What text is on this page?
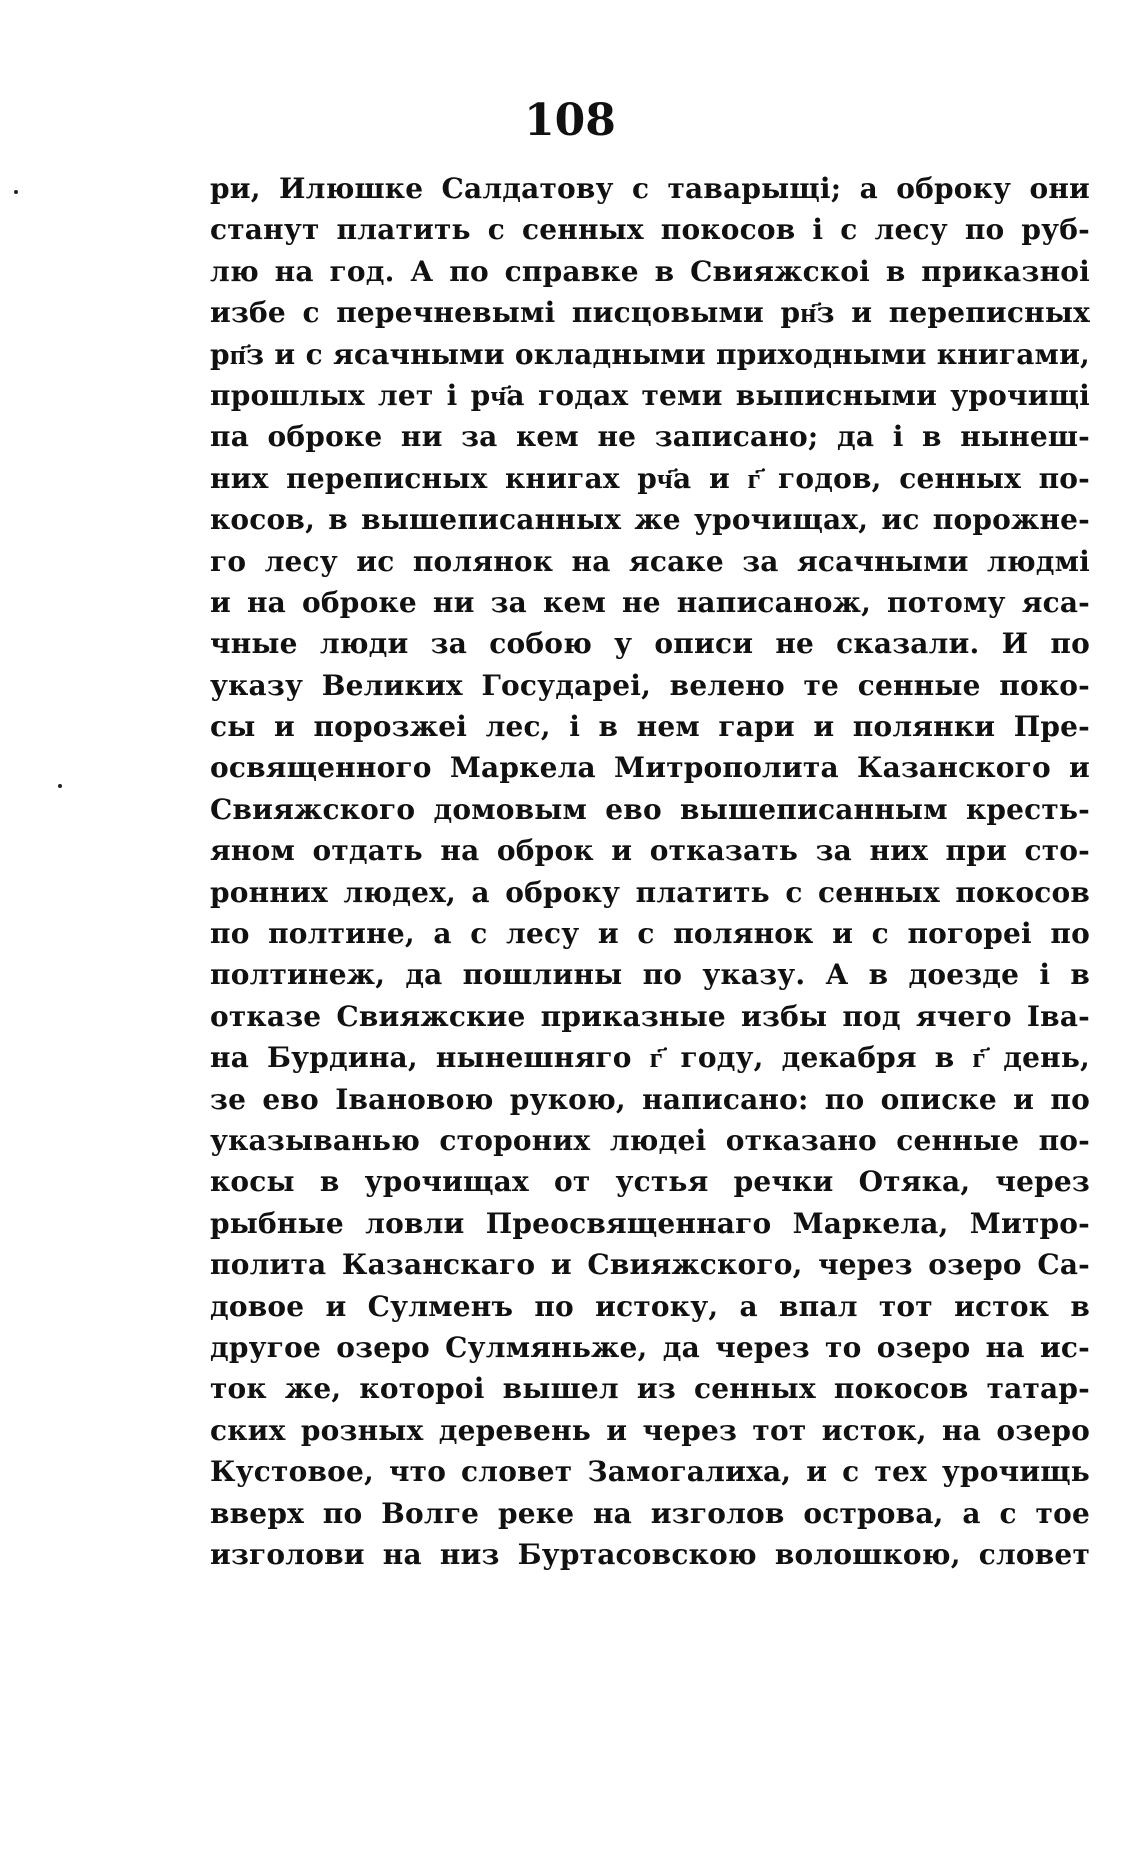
108
ри, Илюшке Салдатову с таварыщі; а оброку они
станут платить с сенных покосов і с лесу по руб-
лю на год. А по справке в Свияжскоі в приказноі
избе с перечневымі писцовыми рн҃з и переписных
рп҃з и с ясачными окладными приходными книгами,
прошлых лет і рч҃а годах теми выписными урочищі
па оброке ни за кем не записано; да і в нынеш-
них переписных книгах рч҃а и г҃ годов, сенных по-
косов, в вышеписанных же урочищах, ис порожне-
го лесу ис полянок на ясаке за ясачными людмі
и на оброке ни за кем не написанож, потому яса-
чные люди за собою у описи не сказали. И по
указу Великих Государеі, велено те сенные поко-
сы и порозжеі лес, і в нем гари и полянки Пре-
освященного Маркела Митрополита Казанского и
Свияжского домовым ево вышеписанным кресть-
яном отдать на оброк и отказать за них при сто-
ронних людех, а оброку платить с сенных покосов
по полтине, а с лесу и с полянок и с погореі по
полтинеж, да пошлины по указу. А в доезде і в
отказе Свияжские приказные избы под ячего Іва-
на Бурдина, нынешняго г҃ году, декабря в г҃ день,
зе ево Івановою рукою, написано: по описке и по
указыванью стороних людеі отказано сенные по-
косы в урочищах от устья речки Отяка, через
рыбные ловли Преосвященнаго Маркела, Митро-
полита Казанскаго и Свияжского, через озеро Са-
довое и Сулменъ по истоку, а впал тот исток в
другое озеро Сулмяньже, да через то озеро на ис-
ток же, котороі вышел из сенных покосов татар-
ских розных деревень и через тот исток, на озеро
Кустовое, что словет Замогалиха, и с тех урочищь
вверх по Волге реке на изголов острова, а с тое
изголови на низ Буртасовскою волошкою, словет
